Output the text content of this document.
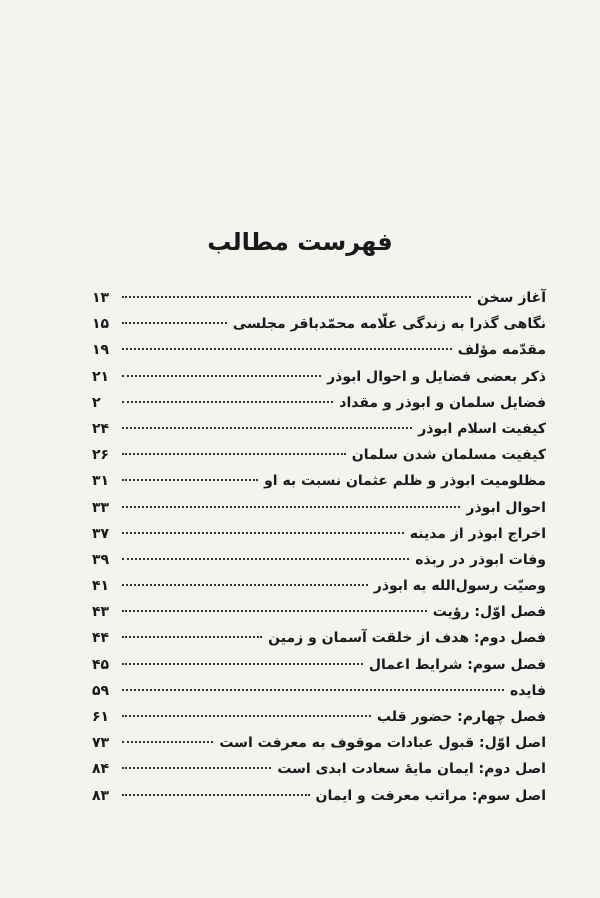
فهرست مطالب
آغاز سخن
۱۳
نگاهی گذرا به زندگی علّامه محمّدباقر مجلسی
۱۵
مقدّمه مؤلف
۱۹
ذکر بعضی فضایل و احوال ابوذر
۲۱
فضایل سلمان و ابوذر و مقداد
۲
کیفیت اسلام ابوذر
۲۴
کیفیت مسلمان شدن سلمان
۲۶
مظلومیت ابوذر و ظلم عثمان نسبت به او
۳۱
احوال ابوذر
۳۳
اخراج ابوذر از مدینه
۳۷
وفات ابوذر در ربذه
۳۹
وصیّت رسول‌الله به ابوذر
۴۱
فصل اوّل: رؤیت
۴۳
فصل دوم: هدف از خلقت آسمان و زمین
۴۴
فصل سوم: شرایط اعمال
۴۵
فایده
۵۹
فصل چهارم: حضور قلب
۶۱
اصل اوّل: قبول عبادات موقوف به معرفت است
۷۳
اصل دوم: ایمان مایهٔ سعادت ابدی است
۸۴
اصل سوم: مراتب معرفت و ایمان
۸۳
